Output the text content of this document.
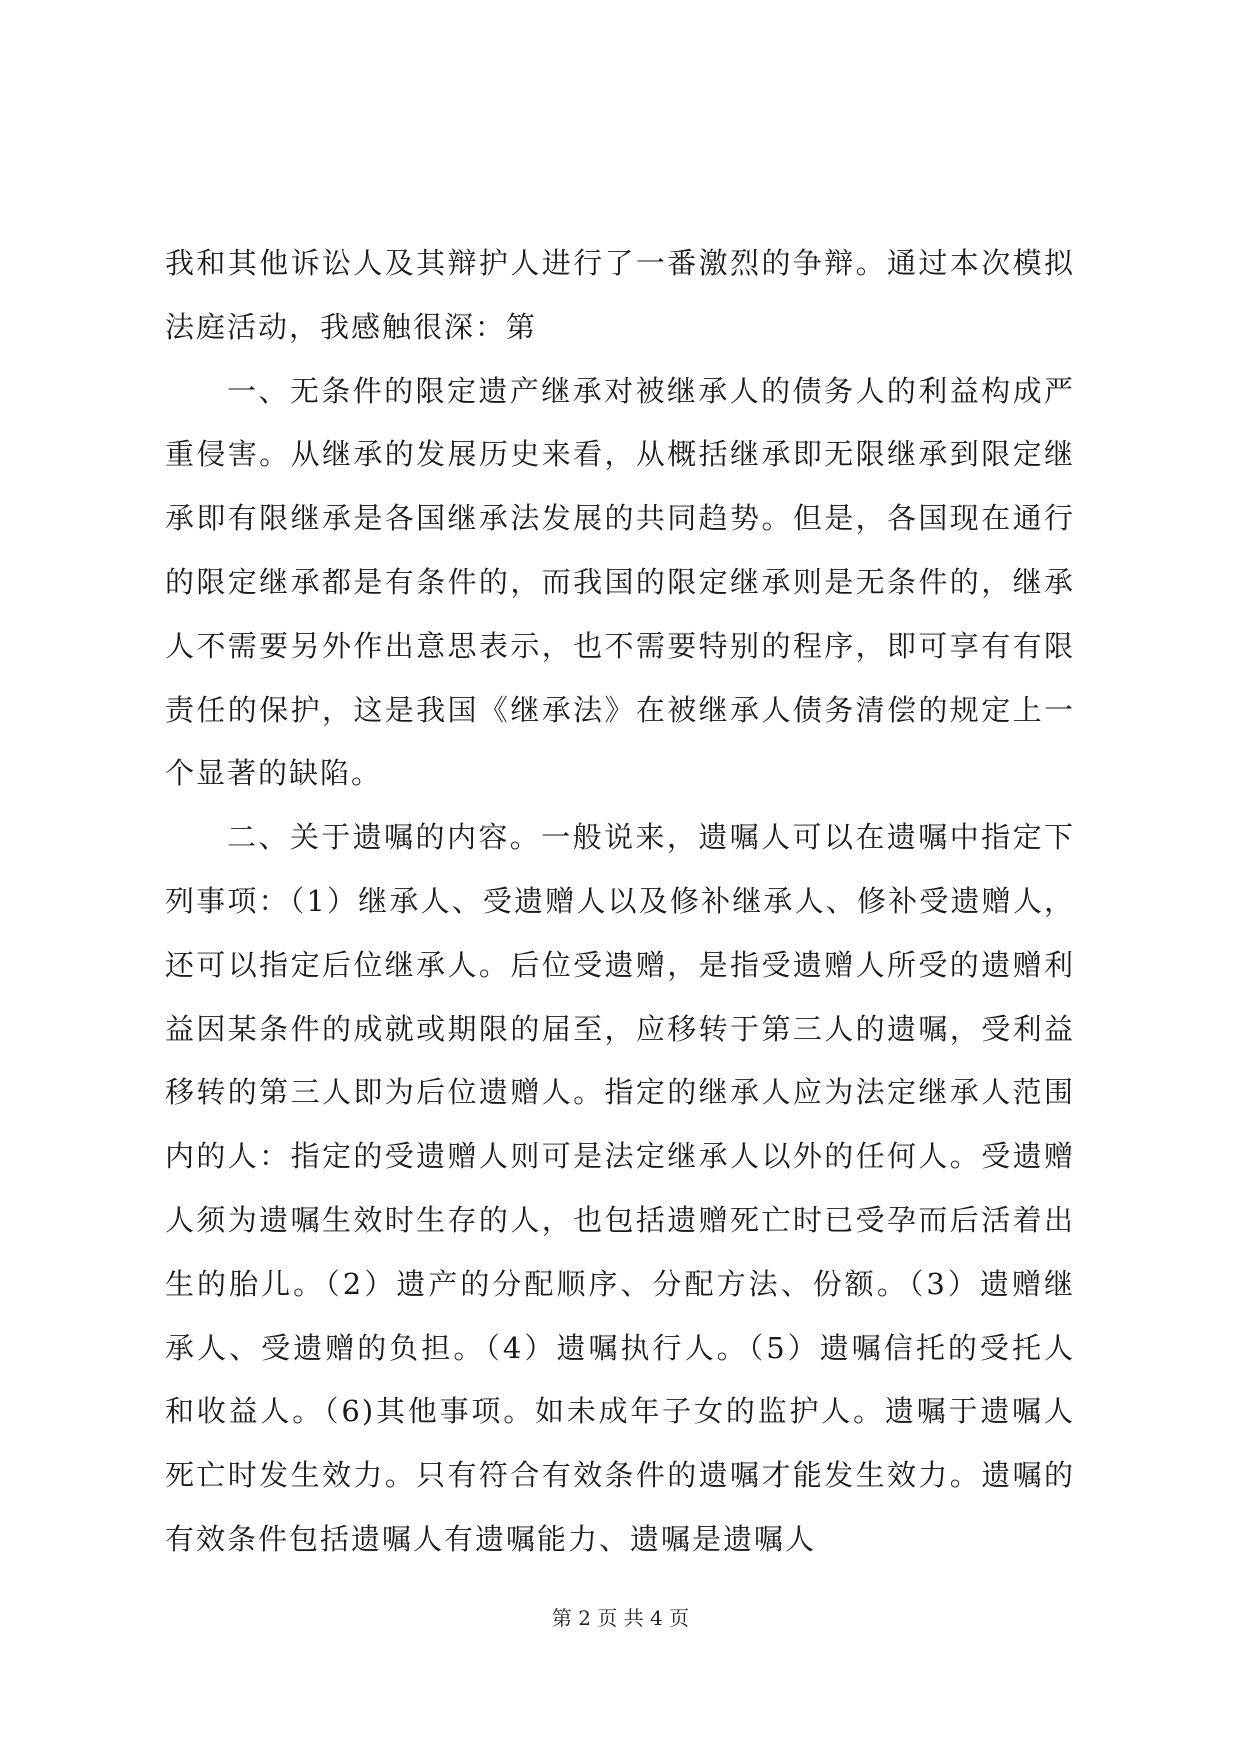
我和其他诉讼人及其辩护人进行了一番激烈的争辩。通过本次模拟法庭活动，我感触很深：第

一、无条件的限定遗产继承对被继承人的债务人的利益构成严重侵害。从继承的发展历史来看，从概括继承即无限继承到限定继承即有限继承是各国继承法发展的共同趋势。但是，各国现在通行的限定继承都是有条件的，而我国的限定继承则是无条件的，继承人不需要另外作出意思表示，也不需要特别的程序，即可享有有限责任的保护，这是我国《继承法》在被继承人债务清偿的规定上一个显著的缺陷。

二、关于遗嘱的内容。一般说来，遗嘱人可以在遗嘱中指定下列事项：（1）继承人、受遗赠人以及修补继承人、修补受遗赠人，还可以指定后位继承人。后位受遗赠，是指受遗赠人所受的遗赠利益因某条件的成就或期限的届至，应移转于第三人的遗嘱，受利益移转的第三人即为后位遗赠人。指定的继承人应为法定继承人范围内的人：指定的受遗赠人则可是法定继承人以外的任何人。受遗赠人须为遗嘱生效时生存的人，也包括遗赠死亡时已受孕而后活着出生的胎儿。（2）遗产的分配顺序、分配方法、份额。（3）遗赠继承人、受遗赠的负担。（4）遗嘱执行人。（5）遗嘱信托的受托人和收益人。（6)其他事项。如未成年子女的监护人。遗嘱于遗嘱人死亡时发生效力。只有符合有效条件的遗嘱才能发生效力。遗嘱的有效条件包括遗嘱人有遗嘱能力、遗嘱是遗嘱人

第 2 页 共 4 页
